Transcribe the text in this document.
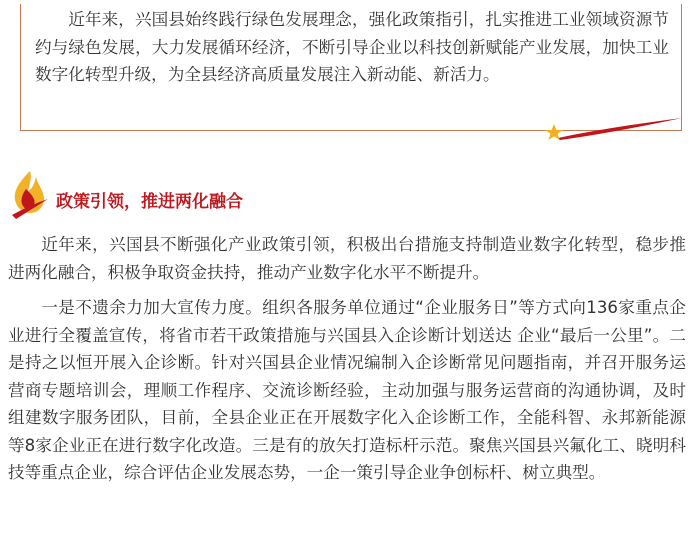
近年来，兴国县始终践行绿色发展理念，强化政策指引，扎实推进工业领域资源节约与绿色发展，大力发展循环经济，不断引导企业以科技创新赋能产业发展，加快工业数字化转型升级，为全县经济高质量发展注入新动能、新活力。

政策引领，推进两化融合

近年来，兴国县不断强化产业政策引领，积极出台措施支持制造业数字化转型，稳步推进两化融合，积极争取资金扶持，推动产业数字化水平不断提升。

一是不遗余力加大宣传力度。组织各服务单位通过“企业服务日”等方式向136家重点企业进行全覆盖宣传，将省市若干政策措施与兴国县入企诊断计划送达 企业“最后一公里”。二是持之以恒开展入企诊断。针对兴国县企业情况编制入企诊断常见问题指南，并召开服务运营商专题培训会，理顺工作程序、交流诊断经验，主动加强与服务运营商的沟通协调，及时组建数字服务团队，目前，全县企业正在开展数字化入企诊断工作，全能科智、永邦新能源等8家企业正在进行数字化改造。三是有的放矢打造标杆示范。聚焦兴国县兴氟化工、晓明科技等重点企业，综合评估企业发展态势，一企一策引导企业争创标杆、树立典型。
